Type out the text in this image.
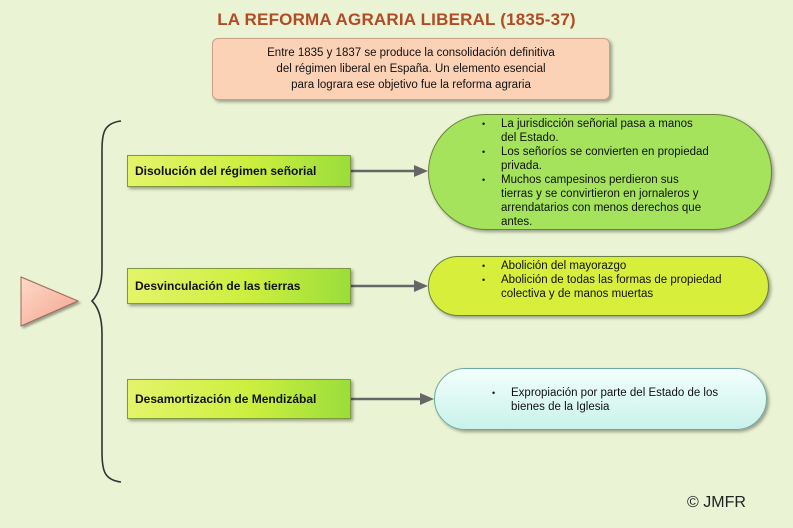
LA REFORMA AGRARIA LIBERAL (1835-37)
Entre 1835 y 1837 se produce la consolidación definitiva
del régimen liberal en España. Un elemento esencial
para lograra ese objetivo fue la reforma agraria
Disolución del régimen señorial
Desvinculación de las tierras
Desamortización de Mendizábal
• La jurisdicción señorial pasa a manos del Estado.
• Los señoríos se convierten en propiedad privada.
• Muchos campesinos perdieron sus tierras y se convirtieron en jornaleros y arrendatarios con menos derechos que antes.
• Abolición del mayorazgo
• Abolición de todas las formas de propiedad colectiva y de manos muertas
• Expropiación por parte del Estado de los bienes de la Iglesia
© JMFR
